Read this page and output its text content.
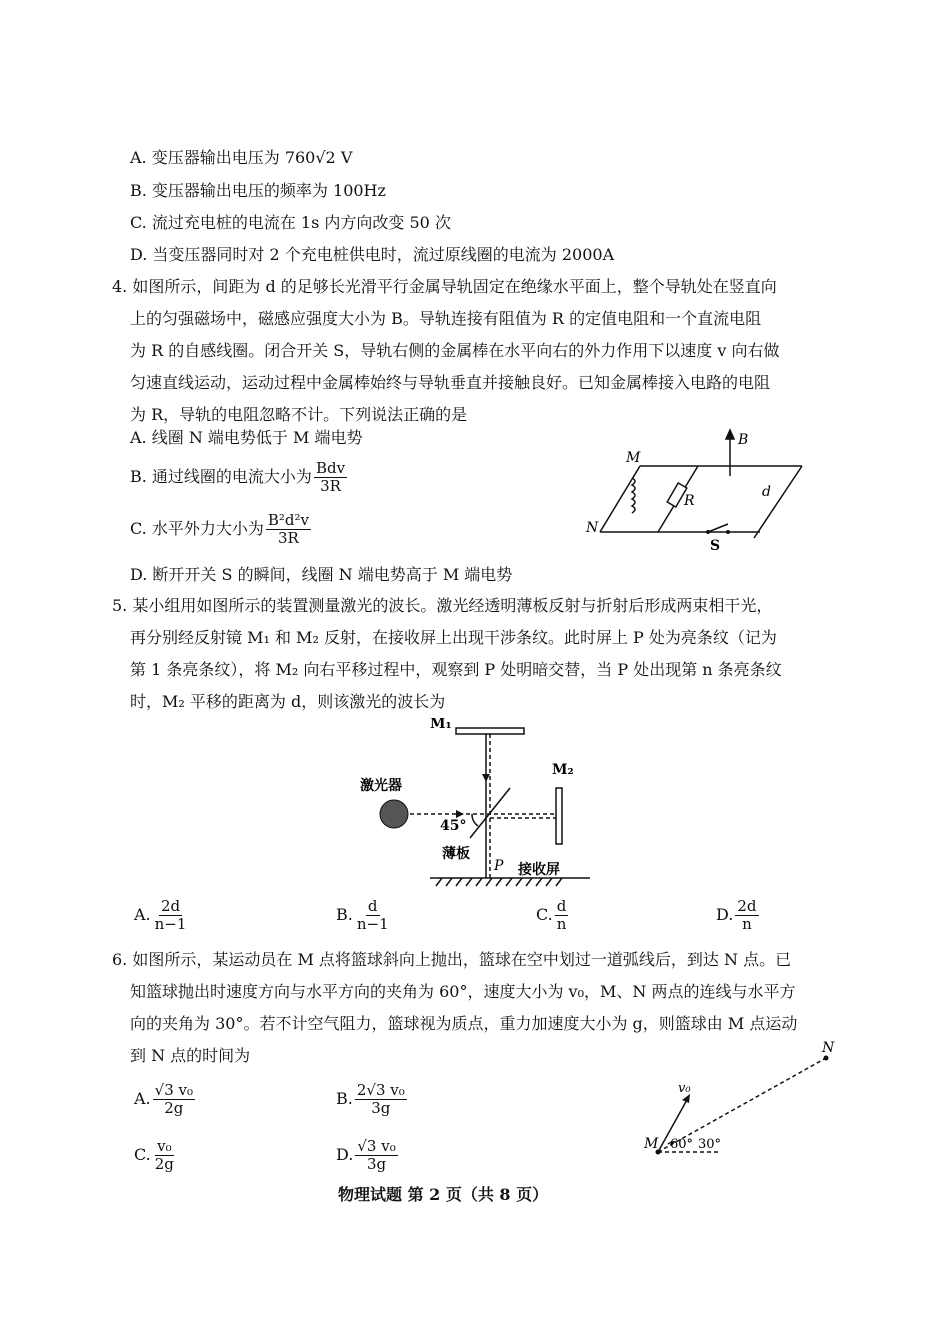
A. 变压器输出电压为 760√2 V
B. 变压器输出电压的频率为 100Hz
C. 流过充电桩的电流在 1s 内方向改变 50 次
D. 当变压器同时对 2 个充电桩供电时，流过原线圈的电流为 2000A
4. 如图所示，间距为 d 的足够长光滑平行金属导轨固定在绝缘水平面上，整个导轨处在竖直向
上的匀强磁场中，磁感应强度大小为 B。导轨连接有阻值为 R 的定值电阻和一个直流电阻
为 R 的自感线圈。闭合开关 S，导轨右侧的金属棒在水平向右的外力作用下以速度 v 向右做
匀速直线运动，运动过程中金属棒始终与导轨垂直并接触良好。已知金属棒接入电路的电阻
为 R，导轨的电阻忽略不计。下列说法正确的是
A. 线圈 N 端电势低于 M 端电势
B. 通过线圈的电流大小为 $\frac{\text{Bdv}}{3R}$
C. 水平外力大小为 $\frac{\text{B²d²v}}{3R}$
D. 断开开关 S 的瞬间，线圈 N 端电势高于 M 端电势
B
M
N
R
d
S
5. 某小组用如图所示的装置测量激光的波长。激光经透明薄板反射与折射后形成两束相干光，
再分别经反射镜 M₁ 和 M₂ 反射，在接收屏上出现干涉条纹。此时屏上 P 处为亮条纹（记为
第 1 条亮条纹），将 M₂ 向右平移过程中，观察到 P 处明暗交替，当 P 处出现第 n 条亮条纹
时，M₂ 平移的距离为 d，则该激光的波长为
激光器
M₁
M₂
45°
薄板
P 接收屏
A. $\frac{2d}{n-1}$	B. $\frac{d}{n-1}$	C. $\frac{d}{n}$	D. $\frac{2d}{n}$
6. 如图所示，某运动员在 M 点将篮球斜向上抛出，篮球在空中划过一道弧线后，到达 N 点。已
知篮球抛出时速度方向与水平方向的夹角为 60°，速度大小为 v₀，M、N 两点的连线与水平方
向的夹角为 30°。若不计空气阻力，篮球视为质点，重力加速度大小为 g，则篮球由 M 点运动
到 N 点的时间为
A. $\frac{\text{√3 v₀}}{2g}$	B. $\frac{\text{2√3 v₀}}{3g}$
C. $\frac{\text{v₀}}{2g}$	D. $\frac{\text{√3 v₀}}{3g}$
N
M
v₀
60° 30°
物理试题 第 2 页（共 8 页）
